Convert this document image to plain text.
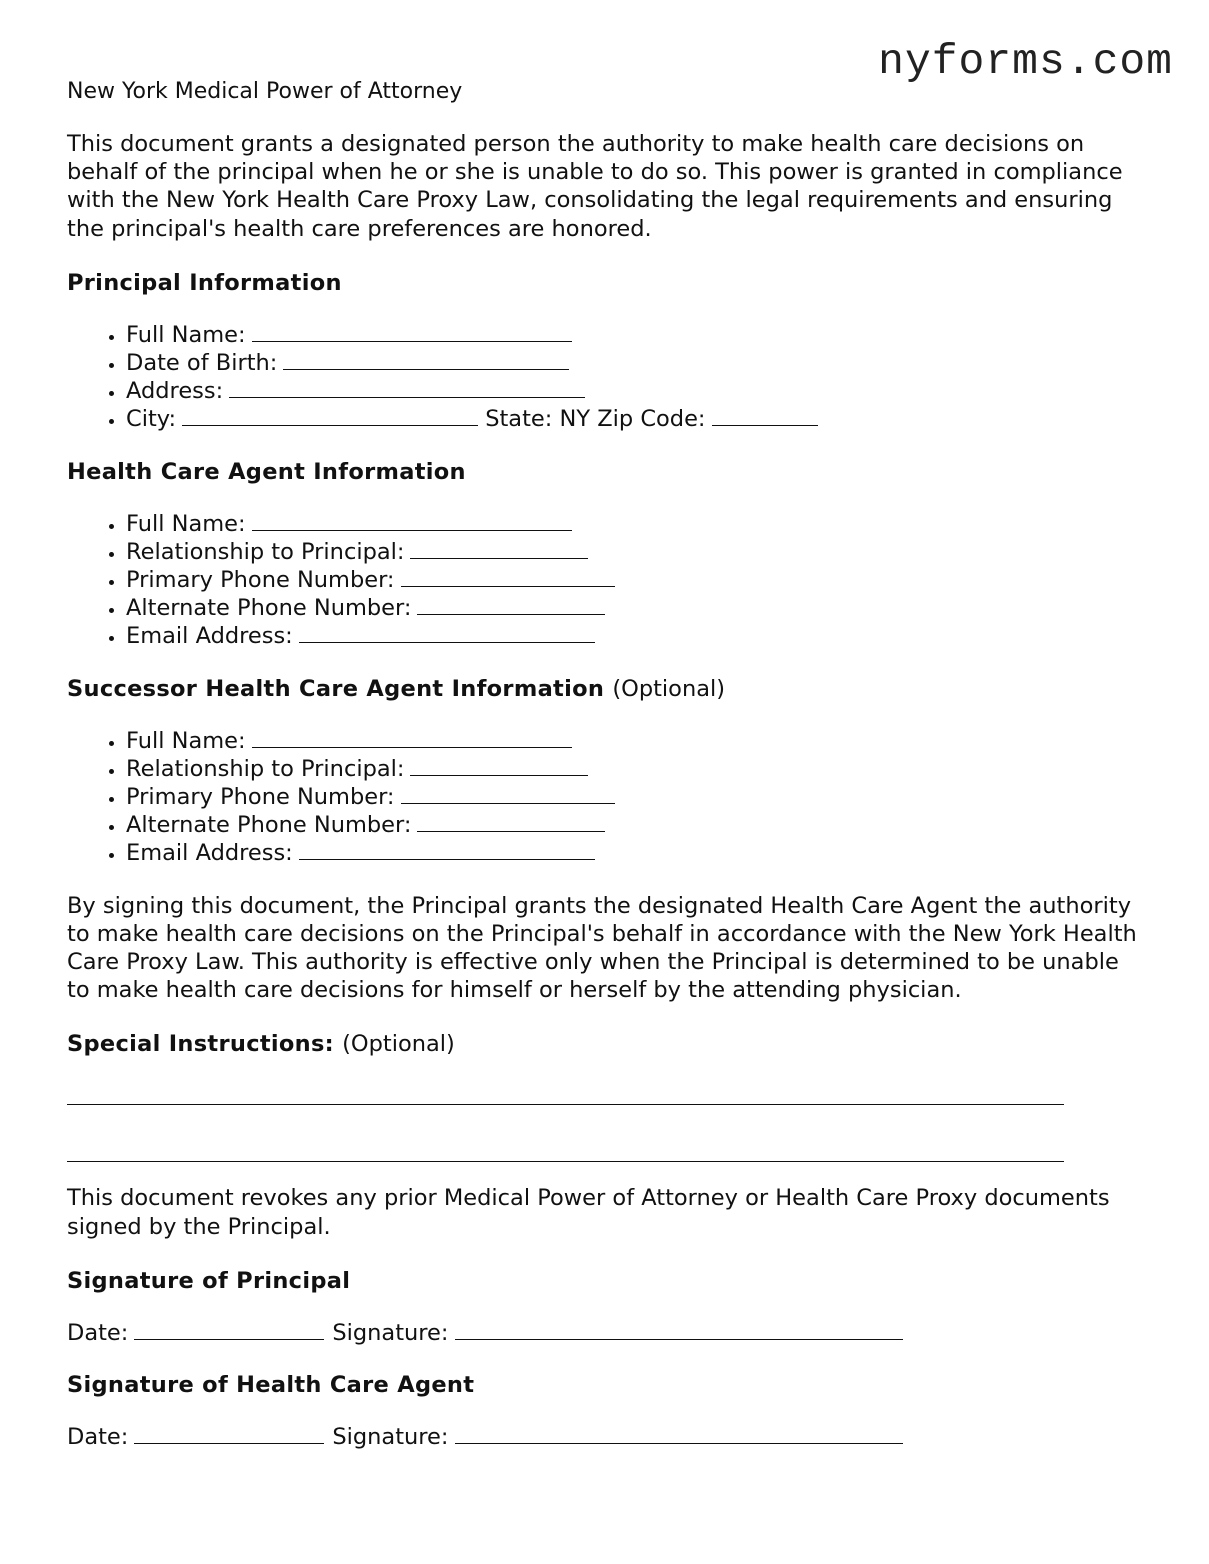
nyforms.com
New York Medical Power of Attorney

This document grants a designated person the authority to make health care decisions on behalf of the principal when he or she is unable to do so. This power is granted in compliance with the New York Health Care Proxy Law, consolidating the legal requirements and ensuring the principal's health care preferences are honored.

Principal Information
• Full Name:
• Date of Birth:
• Address:
• City:	State: NY Zip Code:
Health Care Agent Information
• Full Name:
• Relationship to Principal:
• Primary Phone Number:
• Alternate Phone Number:
• Email Address:
Successor Health Care Agent Information (Optional)
• Full Name:
• Relationship to Principal:
• Primary Phone Number:
• Alternate Phone Number:
• Email Address:

By signing this document, the Principal grants the designated Health Care Agent the authority to make health care decisions on the Principal's behalf in accordance with the New York Health Care Proxy Law. This authority is effective only when the Principal is determined to be unable to make health care decisions for himself or herself by the attending physician.

Special Instructions: (Optional)

This document revokes any prior Medical Power of Attorney or Health Care Proxy documents signed by the Principal.

Signature of Principal
Date:	Signature:
Signature of Health Care Agent
Date:	Signature:
